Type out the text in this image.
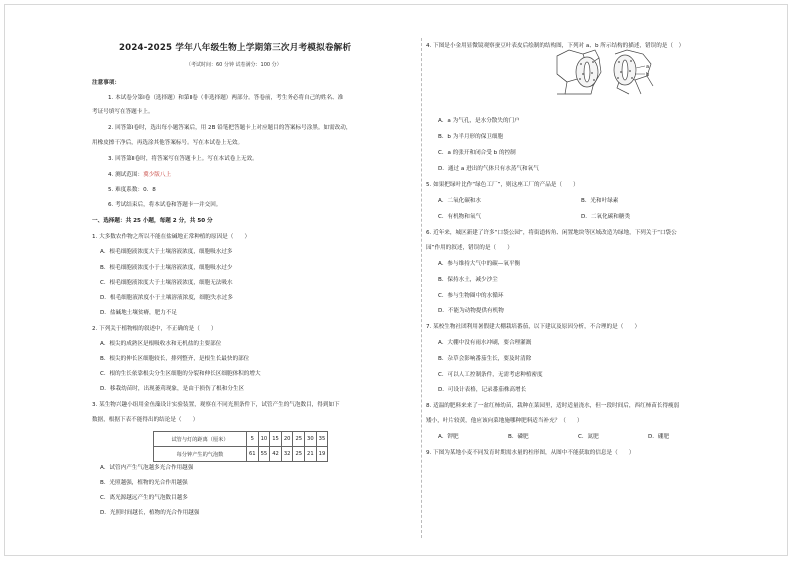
2024-2025 学年八年级生物上学期第三次月考模拟卷解析
（考试时间：60 分钟 试卷满分：100 分）
注意事项：
1. 本试卷分第Ⅰ卷（选择题）和第Ⅱ卷（非选择题）两部分。答卷前，考生务必将自己的姓名、准
考证号填写在答题卡上。
2. 回答第Ⅰ卷时，选出每小题答案后，用 2B 铅笔把答题卡上对应题目的答案标号涂黑。如需改动，
用橡皮擦干净后，再选涂其他答案标号。写在本试卷上无效。
3. 回答第Ⅱ卷时，将答案写在答题卡上。写在本试卷上无效。
4. 测试范围：冀少版八上
5. 难度系数：0．8
6. 考试结束后，将本试卷和答题卡一并交回。
一、选择题：共 25 小题，每题 2 分，共 50 分
1. 大多数农作物之所以不能在盐碱地正常种植的原因是（　　）
A．根毛细胞液浓度大于土壤溶液浓度，细胞吸水过多
B．根毛细胞液浓度小于土壤溶液浓度，细胞吸水过少
C．根毛细胞液浓度大于土壤溶液浓度，细胞无法吸水
D．根毛细胞液浓度小于土壤溶液浓度，细胞失水过多
D．盐碱地土壤贫瘠，肥力不足
2. 下列关于植物根的叙述中，不正确的是（　　）
A．根尖的成熟区是根吸收水和无机盐的主要部位
B．根尖的伸长区细胞较长，排列整齐，是根生长最快的部位
C．根的生长依靠根尖分生区细胞的分裂和伸长区细胞体积的增大
D．移栽幼苗时，出现萎蔫现象，是由于损伤了根和分生区
3. 某生物兴趣小组用金鱼藻设计实验装置，观察在不同光照条件下，试管产生的气泡数目，得到如下
数据，根据下表不能得出的结论是（　　）
试管与灯的距离（厘米）	5	10	15	20	25	30	35
每分钟产生的气泡数	61	55	42	32	25	21	19
A．试管内产生气泡越多光合作用越强
B．光照越强，植物的光合作用越强
C．离光源越远产生的气泡数目越多
D．光照时间越长，植物的光合作用越强
4. 下图是小金用显微镜观察蚕豆叶表皮后绘制的结构图，下列对 a、b 所示结构的描述，错误的是（　）
a
b
A．a 为气孔，是水分散失的门户
B．b 为半月形的保卫细胞
C．a 的张开和闭合受 b 的控制
D．通过 a 进出的气体只有水蒸气和氧气
5. 如果把绿叶比作“绿色工厂”，则这座工厂的产品是（　　）
A．二氧化碳和水	B．光和叶绿素
C．有机物和氧气	D．二氧化碳和糖类
6. 近年来，城区新建了许多“口袋公园”，将街道转角、闲置地块等区域改造为绿地，下列关于“口袋公
园”作用的叙述，错误的是（　　）
A．参与维持大气中的碳—氧平衡
B．保持水土，减少沙尘
C．参与生物圈中的水循环
D．不能为动物提供有机物
7. 某校生物社团利用暑假建大棚栽培番茄，以下建议及原因分析，不合理的是（　　）
A．大棚中没有雨水冲刷，要合理灌溉
B．杂草会影响番茄生长，要及时清除
C．可以人工控制条件，无需考虑种植密度
D．可设计表格，记录番茄株高增长
8. 适温的肥料来来了一盆红柿幼苗，栽种在菜园里，适时适量浇水，但一段时间后，西红柿苗长得瘦弱
矮小，叶片较黄，他应该向菜地施哪种肥料适当补充？（　　）
A．钾肥	B．磷肥	C．氮肥	D．硼肥
9. 下图为某地小麦不同发育时期需水量的柱形图，从图中不能获取的信息是（　　）
